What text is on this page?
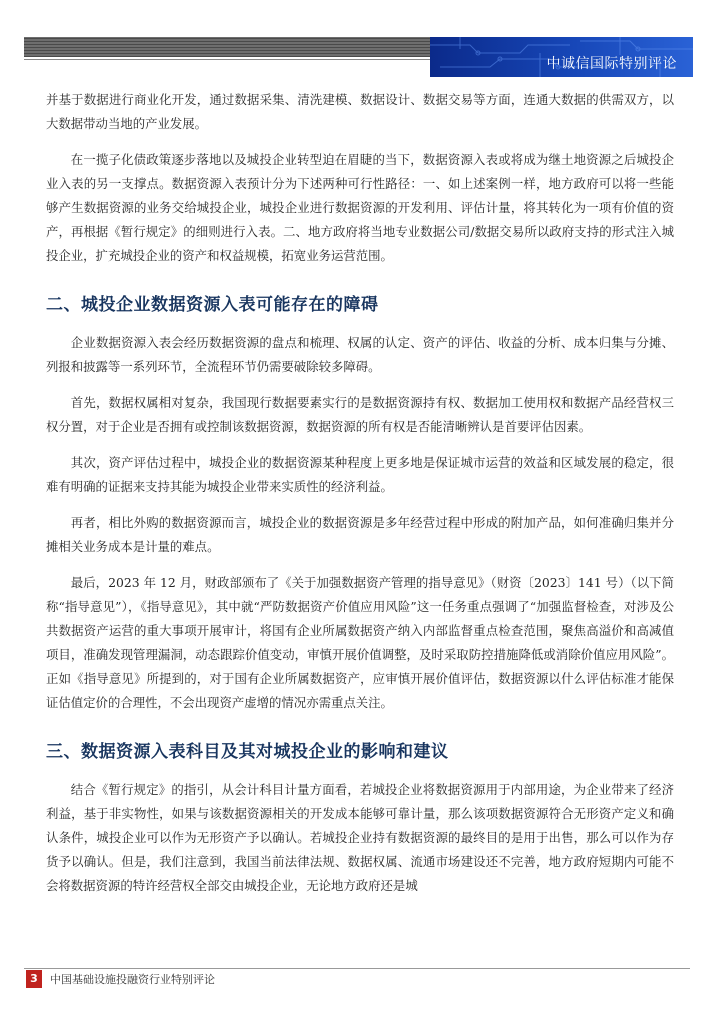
中诚信国际特别评论

并基于数据进行商业化开发，通过数据采集、清洗建模、数据设计、数据交易等方面，连通大数据的供需双方，以大数据带动当地的产业发展。

在一揽子化债政策逐步落地以及城投企业转型迫在眉睫的当下，数据资源入表或将成为继土地资源之后城投企业入表的另一支撑点。数据资源入表预计分为下述两种可行性路径：一、如上述案例一样，地方政府可以将一些能够产生数据资源的业务交给城投企业，城投企业进行数据资源的开发利用、评估计量，将其转化为一项有价值的资产，再根据《暂行规定》的细则进行入表。二、地方政府将当地专业数据公司/数据交易所以政府支持的形式注入城投企业，扩充城投企业的资产和权益规模，拓宽业务运营范围。

二、城投企业数据资源入表可能存在的障碍

企业数据资源入表会经历数据资源的盘点和梳理、权属的认定、资产的评估、收益的分析、成本归集与分摊、列报和披露等一系列环节，全流程环节仍需要破除较多障碍。

首先，数据权属相对复杂，我国现行数据要素实行的是数据资源持有权、数据加工使用权和数据产品经营权三权分置，对于企业是否拥有或控制该数据资源，数据资源的所有权是否能清晰辨认是首要评估因素。

其次，资产评估过程中，城投企业的数据资源某种程度上更多地是保证城市运营的效益和区域发展的稳定，很难有明确的证据来支持其能为城投企业带来实质性的经济利益。

再者，相比外购的数据资源而言，城投企业的数据资源是多年经营过程中形成的附加产品，如何准确归集并分摊相关业务成本是计量的难点。

最后，2023 年 12 月，财政部颁布了《关于加强数据资产管理的指导意见》（财资〔2023〕141 号）（以下简称“指导意见”），《指导意见》，其中就“严防数据资产价值应用风险”这一任务重点强调了“加强监督检查，对涉及公共数据资产运营的重大事项开展审计，将国有企业所属数据资产纳入内部监督重点检查范围，聚焦高溢价和高减值项目，准确发现管理漏洞，动态跟踪价值变动，审慎开展价值调整，及时采取防控措施降低或消除价值应用风险”。正如《指导意见》所提到的，对于国有企业所属数据资产，应审慎开展价值评估，数据资源以什么评估标准才能保证估值定价的合理性，不会出现资产虚增的情况亦需重点关注。

三、数据资源入表科目及其对城投企业的影响和建议

结合《暂行规定》的指引，从会计科目计量方面看，若城投企业将数据资源用于内部用途，为企业带来了经济利益，基于非实物性，如果与该数据资源相关的开发成本能够可靠计量，那么该项数据资源符合无形资产定义和确认条件，城投企业可以作为无形资产予以确认。若城投企业持有数据资源的最终目的是用于出售，那么可以作为存货予以确认。但是，我们注意到，我国当前法律法规、数据权属、流通市场建设还不完善，地方政府短期内可能不会将数据资源的特许经营权全部交由城投企业，无论地方政府还是城

3	中国基础设施投融资行业特别评论
